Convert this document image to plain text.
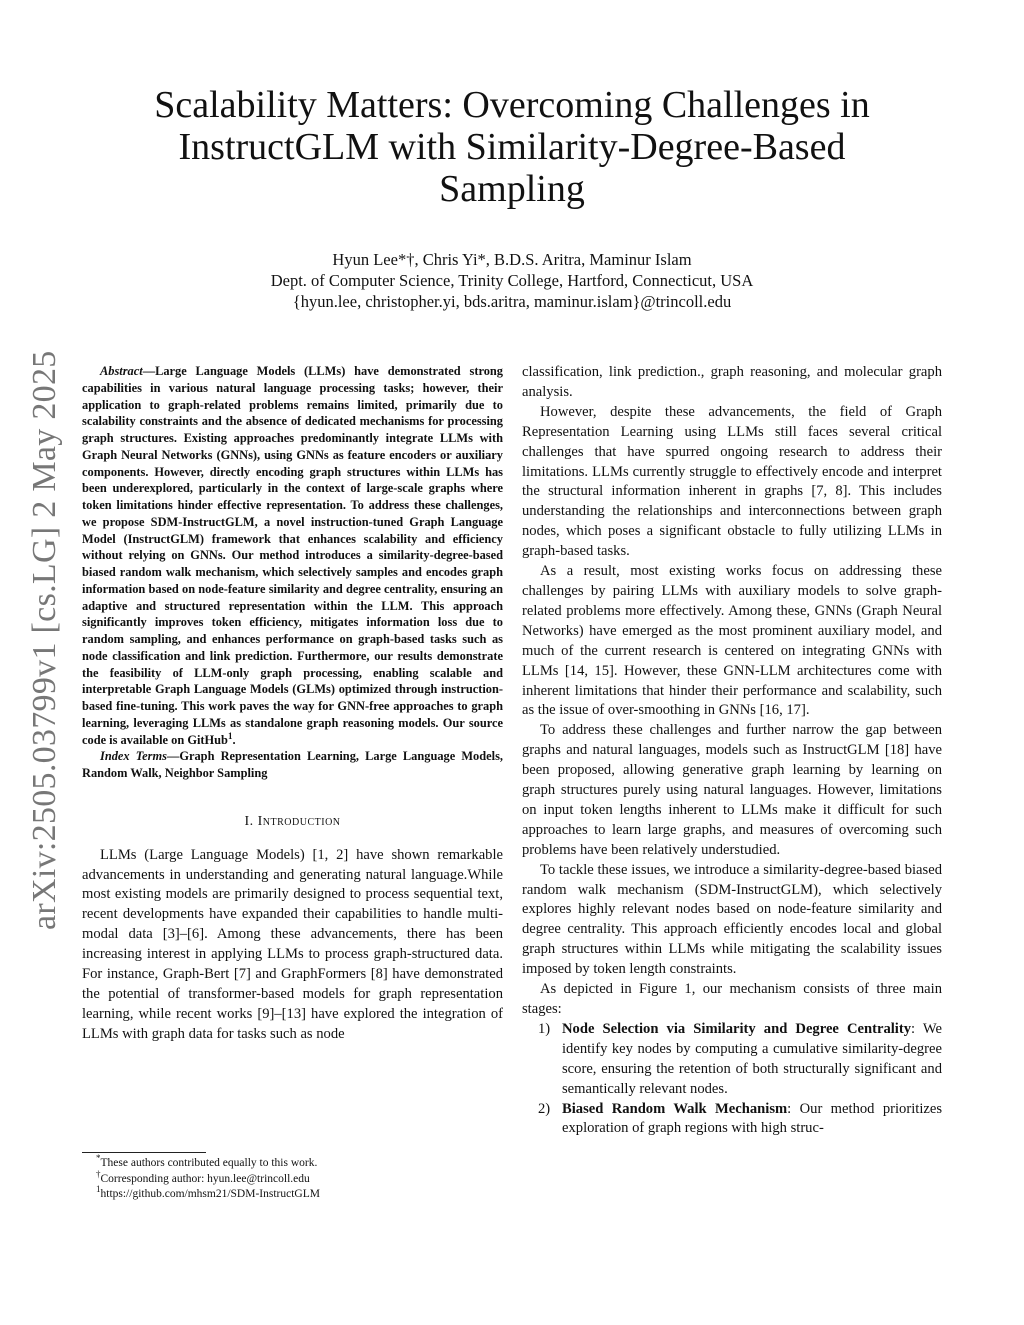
Scalability Matters: Overcoming Challenges in
InstructGLM with Similarity-Degree-Based
Sampling
Hyun Lee*†, Chris Yi*, B.D.S. Aritra, Maminur Islam
Dept. of Computer Science, Trinity College, Hartford, Connecticut, USA
{hyun.lee, christopher.yi, bds.aritra, maminur.islam}@trincoll.edu
arXiv:2505.03799v1 [cs.LG] 2 May 2025	Abstract—Large Language Models (LLMs) have demonstrated strong capabilities in various natural language processing tasks; however, their application to graph-related problems remains limited, primarily due to scalability constraints and the absence of dedicated mechanisms for processing graph structures. Existing approaches predominantly integrate LLMs with Graph Neural Networks (GNNs), using GNNs as feature encoders or auxiliary components. However, directly encoding graph structures within LLMs has been underexplored, particularly in the context of large-scale graphs where token limitations hinder effective representation. To address these challenges, we propose SDM-InstructGLM, a novel instruction-tuned Graph Language Model (InstructGLM) framework that enhances scalability and efficiency without relying on GNNs. Our method introduces a similarity-degree-based biased random walk mechanism, which selectively samples and encodes graph information based on node-feature similarity and degree centrality, ensuring an adaptive and structured representation within the LLM. This approach significantly improves token efficiency, mitigates information loss due to random sampling, and enhances performance on graph-based tasks such as node classification and link prediction. Furthermore, our results demonstrate the feasibility of LLM-only graph processing, enabling scalable and interpretable Graph Language Models (GLMs) optimized through instruction-based fine-tuning. This work paves the way for GNN-free approaches to graph learning, leveraging LLMs as standalone graph reasoning models. Our source code is available on GitHub$^1$.

Index Terms—Graph Representation Learning, Large Language Models, Random Walk, Neighbor Sampling

I. Introduction

LLMs (Large Language Models) [1, 2] have shown remarkable advancements in understanding and generating natural language.While most existing models are primarily designed to process sequential text, recent developments have expanded their capabilities to handle multi-modal data [3]–[6]. Among these advancements, there has been increasing interest in applying LLMs to process graph-structured data. For instance, Graph-Bert [7] and GraphFormers [8] have demonstrated the potential of transformer-based models for graph representation learning, while recent works [9]–[13] have explored the integration of LLMs with graph data for tasks such as node

*These authors contributed equally to this work.
†Corresponding author: hyun.lee@trincoll.edu
$^1$https://github.com/mhsm21/SDM-InstructGLM

classification, link prediction., graph reasoning, and molecular graph analysis.

However, despite these advancements, the field of Graph Representation Learning using LLMs still faces several critical challenges that have spurred ongoing research to address their limitations. LLMs currently struggle to effectively encode and interpret the structural information inherent in graphs [7, 8]. This includes understanding the relationships and interconnections between graph nodes, which poses a significant obstacle to fully utilizing LLMs in graph-based tasks.

As a result, most existing works focus on addressing these challenges by pairing LLMs with auxiliary models to solve graph-related problems more effectively. Among these, GNNs (Graph Neural Networks) have emerged as the most prominent auxiliary model, and much of the current research is centered on integrating GNNs with LLMs [14, 15]. However, these GNN-LLM architectures come with inherent limitations that hinder their performance and scalability, such as the issue of over-smoothing in GNNs [16, 17].

To address these challenges and further narrow the gap between graphs and natural languages, models such as InstructGLM [18] have been proposed, allowing generative graph learning by learning on graph structures purely using natural languages. However, limitations on input token lengths inherent to LLMs make it difficult for such approaches to learn large graphs, and measures of overcoming such problems have been relatively understudied.

To tackle these issues, we introduce a similarity-degree-based biased random walk mechanism (SDM-InstructGLM), which selectively explores highly relevant nodes based on node-feature similarity and degree centrality. This approach efficiently encodes local and global graph structures within LLMs while mitigating the scalability issues imposed by token length constraints.

As depicted in Figure 1, our mechanism consists of three main stages:

1) Node Selection via Similarity and Degree Centrality: We identify key nodes by computing a cumulative similarity-degree score, ensuring the retention of both structurally significant and semantically relevant nodes.
2) Biased Random Walk Mechanism: Our method prioritizes exploration of graph regions with high struc-
